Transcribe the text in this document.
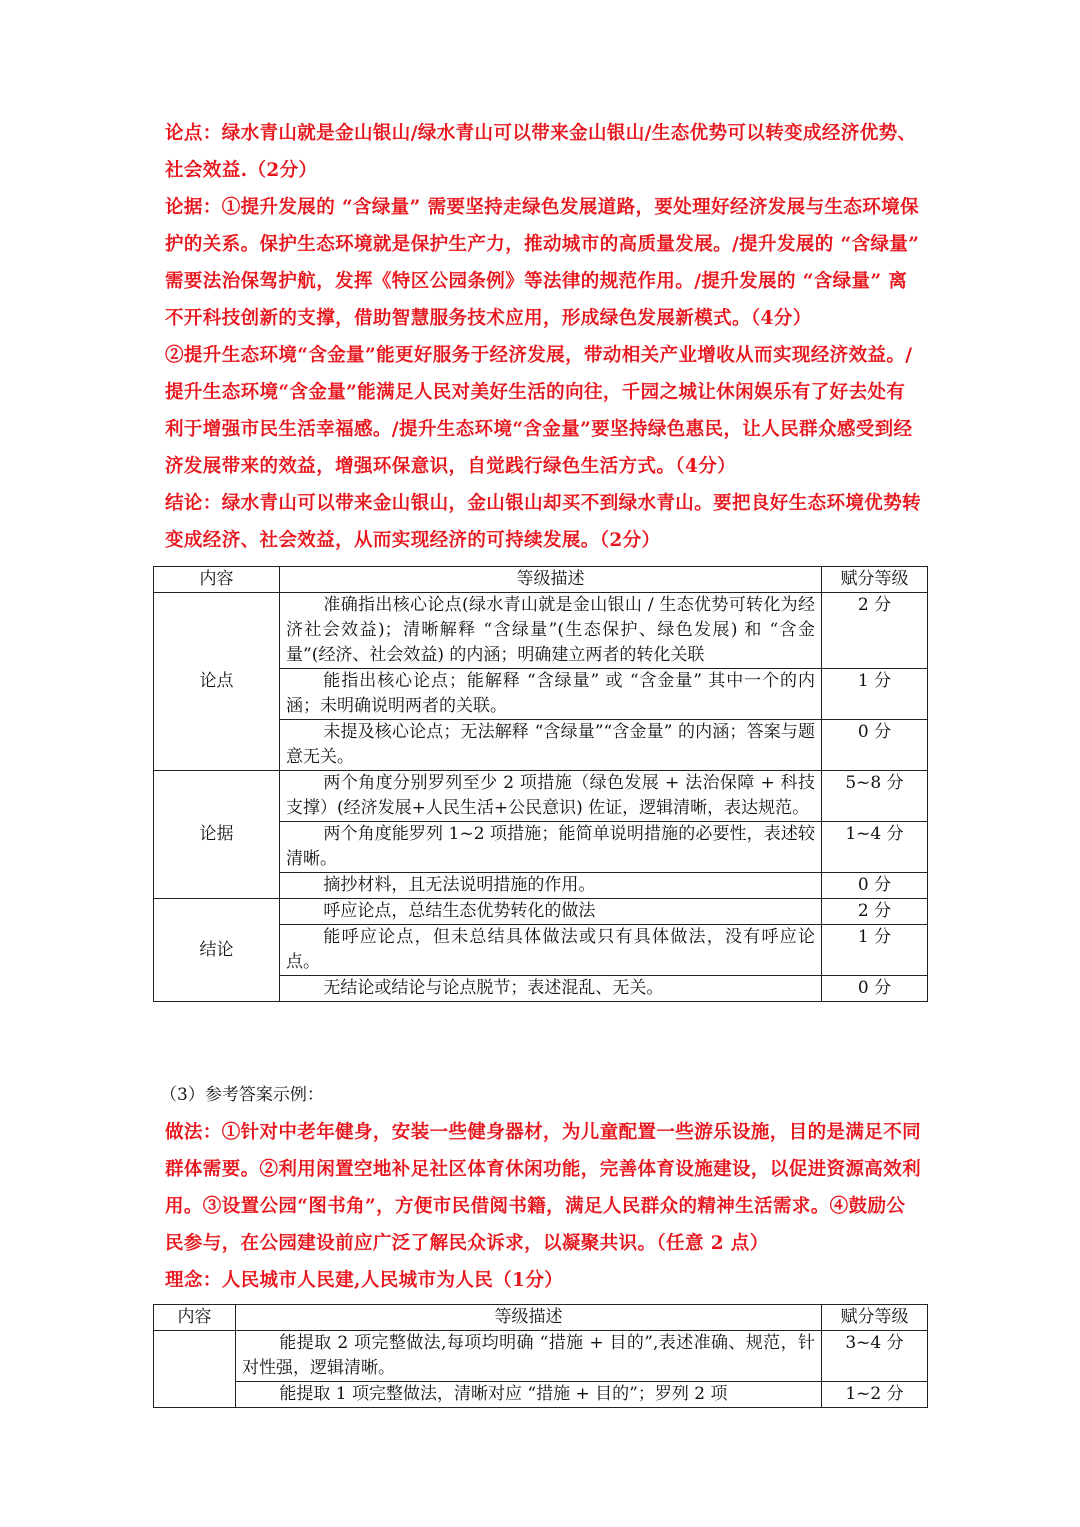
论点：绿水青山就是金山银山/绿水青山可以带来金山银山/生态优势可以转变成经济优势、社会效益.（2分）
论据：①提升发展的 “含绿量” 需要坚持走绿色发展道路，要处理好经济发展与生态环境保护的关系。保护生态环境就是保护生产力，推动城市的高质量发展。/提升发展的 “含绿量” 需要法治保驾护航，发挥《特区公园条例》等法律的规范作用。/提升发展的 “含绿量” 离不开科技创新的支撑，借助智慧服务技术应用，形成绿色发展新模式。（4分）
②提升生态环境“含金量”能更好服务于经济发展，带动相关产业增收从而实现经济效益。/提升生态环境“含金量”能满足人民对美好生活的向往，千园之城让休闲娱乐有了好去处有利于增强市民生活幸福感。/提升生态环境“含金量”要坚持绿色惠民，让人民群众感受到经济发展带来的效益，增强环保意识，自觉践行绿色生活方式。（4分）
结论：绿水青山可以带来金山银山，金山银山却买不到绿水青山。要把良好生态环境优势转变成经济、社会效益，从而实现经济的可持续发展。（2分）
内容	等级描述	赋分等级
论点	准确指出核心论点(绿水青山就是金山银山 / 生态优势可转化为经济社会效益)；清晰解释 “含绿量”(生态保护、绿色发展) 和 “含金量”(经济、社会效益) 的内涵；明确建立两者的转化关联	2 分
	能指出核心论点；能解释 “含绿量” 或 “含金量” 其中一个的内涵；未明确说明两者的关联。	1 分
	未提及核心论点；无法解释 “含绿量”“含金量” 的内涵；答案与题意无关。	0 分
论据	两个角度分别罗列至少 2 项措施（绿色发展 + 法治保障 + 科技支撑）(经济发展+人民生活+公民意识) 佐证，逻辑清晰，表达规范。	5~8 分
	两个角度能罗列 1~2 项措施；能简单说明措施的必要性，表述较清晰。	1~4 分
	摘抄材料，且无法说明措施的作用。	0 分
结论	呼应论点，总结生态优势转化的做法	2 分
	能呼应论点，但未总结具体做法或只有具体做法，没有呼应论点。	1 分
	无结论或结论与论点脱节；表述混乱、无关。	0 分
（3）参考答案示例：
做法：①针对中老年健身，安装一些健身器材，为儿童配置一些游乐设施，目的是满足不同群体需要。②利用闲置空地补足社区体育休闲功能，完善体育设施建设，以促进资源高效利用。③设置公园“图书角”，方便市民借阅书籍，满足人民群众的精神生活需求。④鼓励公民参与，在公园建设前应广泛了解民众诉求，以凝聚共识。（任意 2 点）
理念：人民城市人民建,人民城市为人民（1分）
内容	等级描述	赋分等级
	能提取 2 项完整做法,每项均明确 “措施 + 目的”,表述准确、规范，针对性强，逻辑清晰。	3~4 分
	能提取 1 项完整做法，清晰对应 “措施 + 目的”；罗列 2 项	1~2 分
